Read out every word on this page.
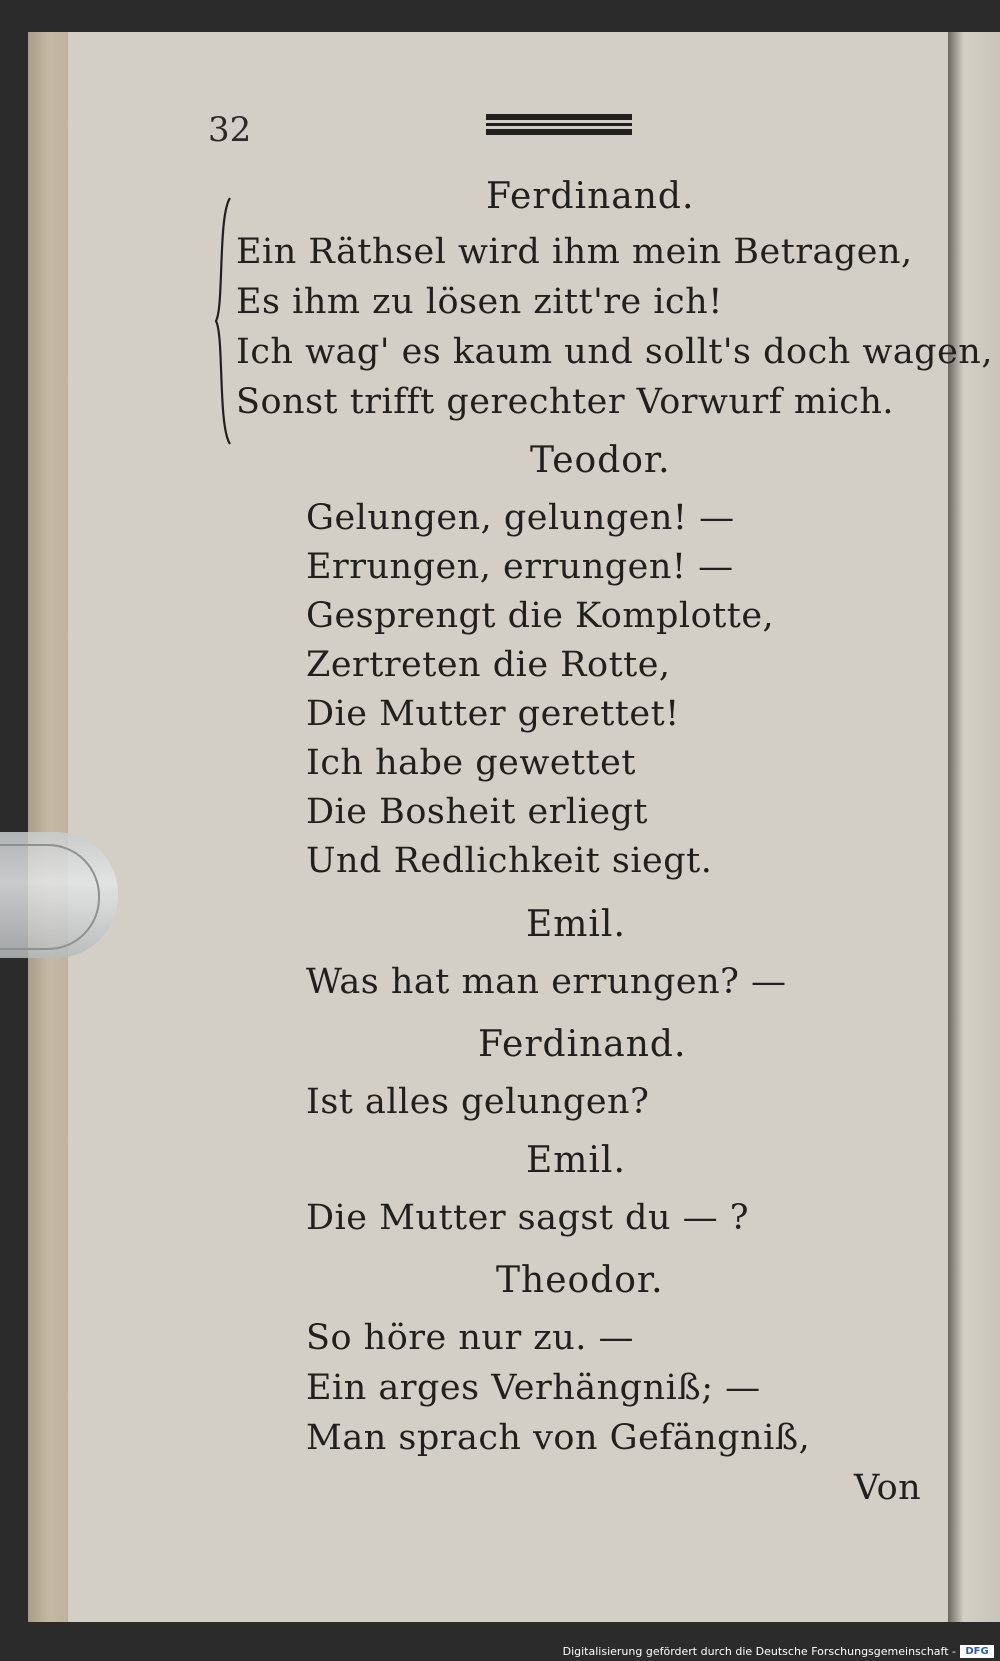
32
Ferdinand.
Ein Räthsel wird ihm mein Betragen,
Es ihm zu lösen zitt're ich!
Ich wag' es kaum und sollt's doch wagen,
Sonst trifft gerechter Vorwurf mich.
Teodor.
Gelungen, gelungen! —
Errungen, errungen! —
Gesprengt die Komplotte,
Zertreten die Rotte,
Die Mutter gerettet!
Ich habe gewettet
Die Bosheit erliegt
Und Redlichkeit siegt.
Emil.
Was hat man errungen? —
Ferdinand.
Ist alles gelungen?
Emil.
Die Mutter sagst du — ?
Theodor.
So höre nur zu. —
Ein arges Verhängniß; —
Man sprach von Gefängniß,
Von
Digitalisierung gefördert durch die Deutsche Forschungsgemeinschaft - DFG
